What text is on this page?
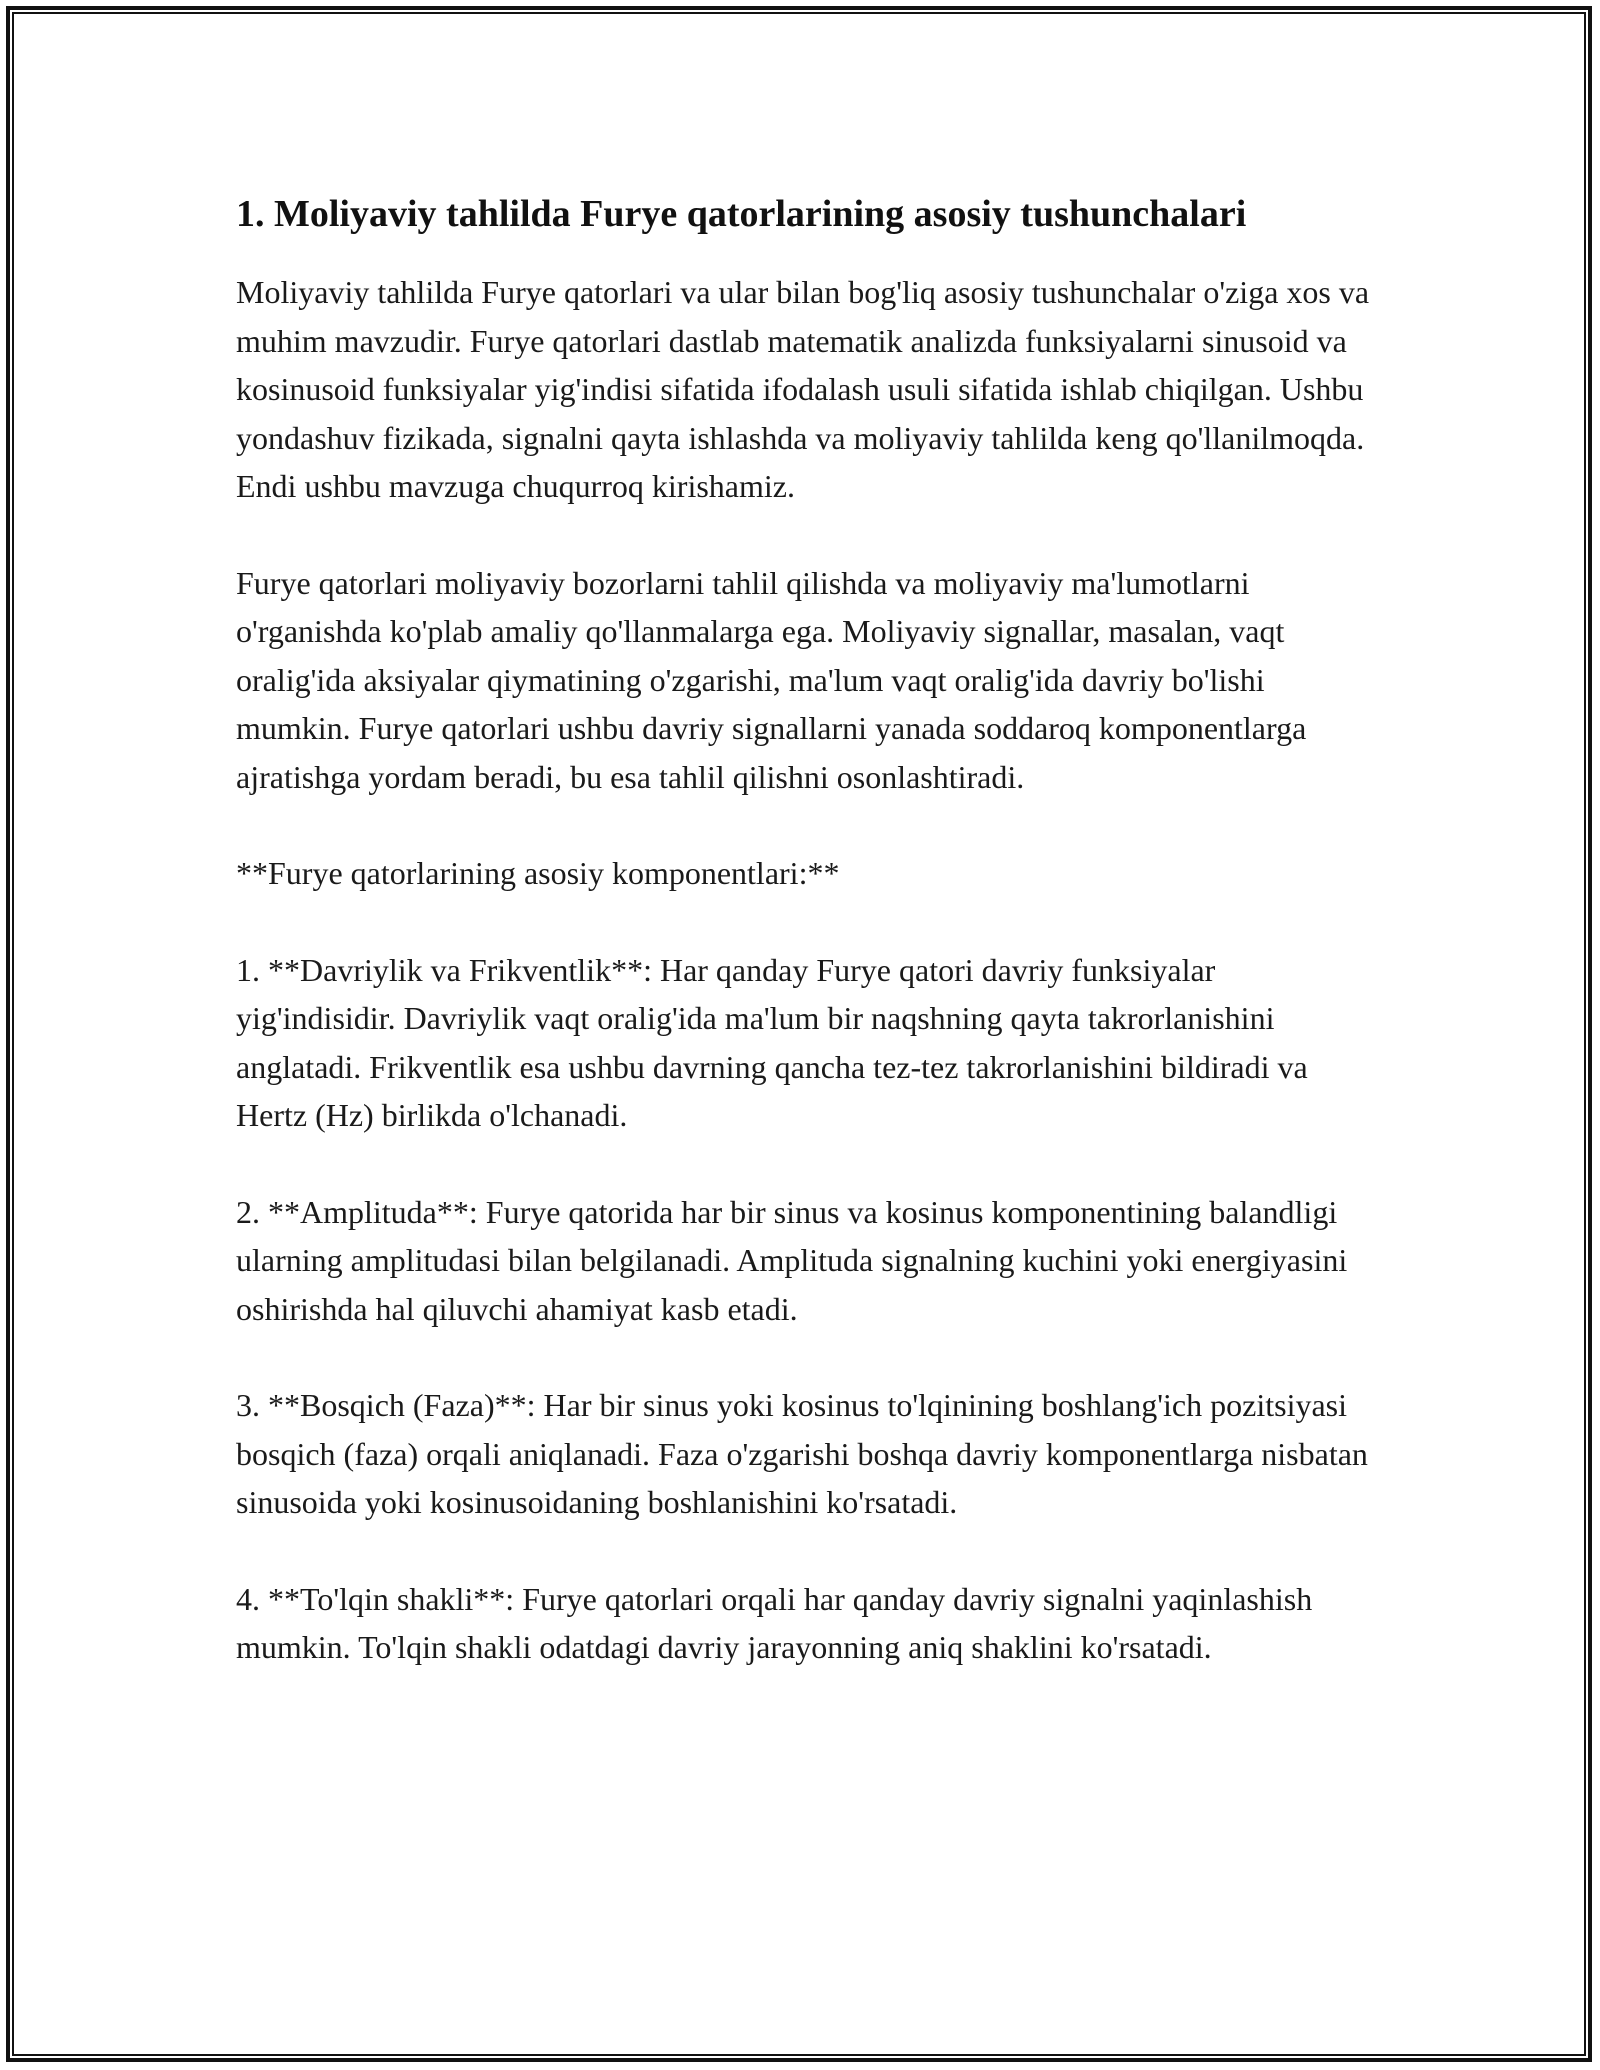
1. Moliyaviy tahlilda Furye qatorlarining asosiy tushunchalari

Moliyaviy tahlilda Furye qatorlari va ular bilan bog'liq asosiy tushunchalar o'ziga xos va muhim mavzudir. Furye qatorlari dastlab matematik analizda funksiyalarni sinusoid va kosinusoid funksiyalar yig'indisi sifatida ifodalash usuli sifatida ishlab chiqilgan. Ushbu yondashuv fizikada, signalni qayta ishlashda va moliyaviy tahlilda keng qo'llanilmoqda. Endi ushbu mavzuga chuqurroq kirishamiz.

Furye qatorlari moliyaviy bozorlarni tahlil qilishda va moliyaviy ma'lumotlarni o'rganishda ko'plab amaliy qo'llanmalarga ega. Moliyaviy signallar, masalan, vaqt oralig'ida aksiyalar qiymatining o'zgarishi, ma'lum vaqt oralig'ida davriy bo'lishi mumkin. Furye qatorlari ushbu davriy signallarni yanada soddaroq komponentlarga ajratishga yordam beradi, bu esa tahlil qilishni osonlashtiradi.

**Furye qatorlarining asosiy komponentlari:**

1. **Davriylik va Frikventlik**: Har qanday Furye qatori davriy funksiyalar yig'indisidir. Davriylik vaqt oralig'ida ma'lum bir naqshning qayta takrorlanishini anglatadi. Frikventlik esa ushbu davrning qancha tez-tez takrorlanishini bildiradi va Hertz (Hz) birlikda o'lchanadi.

2. **Amplituda**: Furye qatorida har bir sinus va kosinus komponentining balandligi ularning amplitudasi bilan belgilanadi. Amplituda signalning kuchini yoki energiyasini oshirishda hal qiluvchi ahamiyat kasb etadi.

3. **Bosqich (Faza)**: Har bir sinus yoki kosinus to'lqinining boshlang'ich pozitsiyasi bosqich (faza) orqali aniqlanadi. Faza o'zgarishi boshqa davriy komponentlarga nisbatan sinusoida yoki kosinusoidaning boshlanishini ko'rsatadi.

4. **To'lqin shakli**: Furye qatorlari orqali har qanday davriy signalni yaqinlashish mumkin. To'lqin shakli odatdagi davriy jarayonning aniq shaklini ko'rsatadi.
